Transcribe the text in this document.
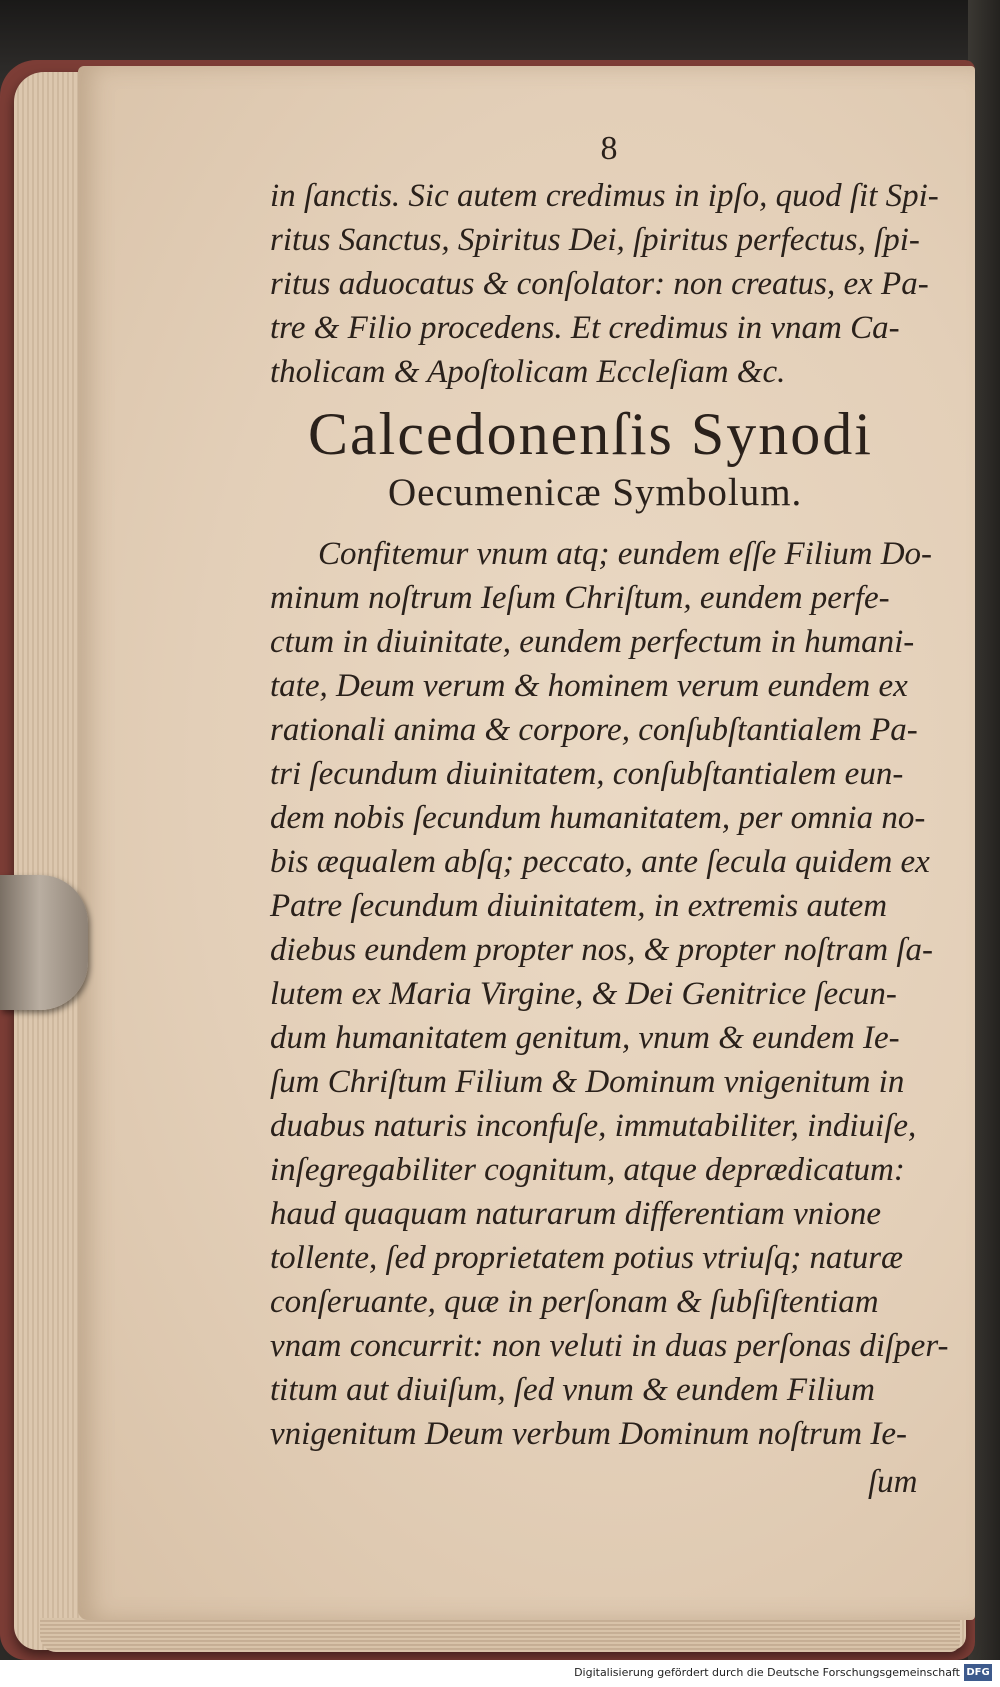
8
in ſanctis. Sic autem credimus in ipſo, quod ſit Spi-
ritus Sanctus, Spiritus Dei, ſpiritus perfectus, ſpi-
ritus aduocatus & conſolator: non creatus, ex Pa-
tre & Filio procedens. Et credimus in vnam Ca-
tholicam & Apoſtolicam Eccleſiam &c.
Calcedonenſis Synodi
Oecumenicæ Symbolum.
Confitemur vnum atq; eundem eſſe Filium Do-
minum noſtrum Ieſum Chriſtum, eundem perfe-
ctum in diuinitate, eundem perfectum in humani-
tate, Deum verum & hominem verum eundem ex
rationali anima & corpore, conſubſtantialem Pa-
tri ſecundum diuinitatem, conſubſtantialem eun-
dem nobis ſecundum humanitatem, per omnia no-
bis æqualem abſq; peccato, ante ſecula quidem ex
Patre ſecundum diuinitatem, in extremis autem
diebus eundem propter nos, & propter noſtram ſa-
lutem ex Maria Virgine, & Dei Genitrice ſecun-
dum humanitatem genitum, vnum & eundem Ie-
ſum Chriſtum Filium & Dominum vnigenitum in
duabus naturis inconfuſe, immutabiliter, indiuiſe,
inſegregabiliter cognitum, atque deprædicatum:
haud quaquam naturarum differentiam vnione
tollente, ſed proprietatem potius vtriuſq; naturæ
conſeruante, quæ in perſonam & ſubſiſtentiam
vnam concurrit: non veluti in duas perſonas diſper-
titum aut diuiſum, ſed vnum & eundem Filium
vnigenitum Deum verbum Dominum noſtrum Ie-
ſum
Digitalisierung gefördert durch die Deutsche Forschungsgemeinschaft DFG
